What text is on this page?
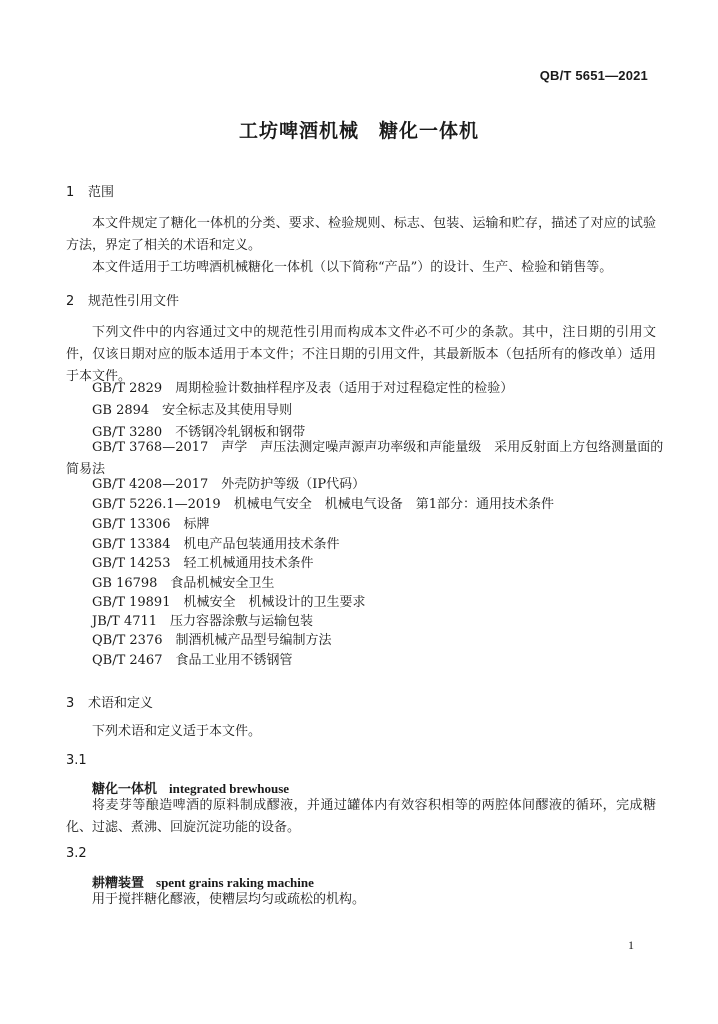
QB/T 5651—2021
工坊啤酒机械　糖化一体机
1 范围
本文件规定了糖化一体机的分类、要求、检验规则、标志、包装、运输和贮存，描述了对应的试验方法，界定了相关的术语和定义。
本文件适用于工坊啤酒机械糖化一体机（以下简称“产品”）的设计、生产、检验和销售等。
2 规范性引用文件
下列文件中的内容通过文中的规范性引用而构成本文件必不可少的条款。其中，注日期的引用文件，仅该日期对应的版本适用于本文件；不注日期的引用文件，其最新版本（包括所有的修改单）适用于本文件。
GB/T 2829　周期检验计数抽样程序及表（适用于对过程稳定性的检验）
GB 2894　安全标志及其使用导则
GB/T 3280　不锈钢冷轧钢板和钢带
GB/T 3768—2017　声学　声压法测定噪声源声功率级和声能量级　采用反射面上方包络测量面的
简易法
GB/T 4208—2017　外壳防护等级（IP代码）
GB/T 5226.1—2019　机械电气安全　机械电气设备　第1部分：通用技术条件
GB/T 13306　标牌
GB/T 13384　机电产品包装通用技术条件
GB/T 14253　轻工机械通用技术条件
GB 16798　食品机械安全卫生
GB/T 19891　机械安全　机械设计的卫生要求
JB/T 4711　压力容器涂敷与运输包装
QB/T 2376　制酒机械产品型号编制方法
QB/T 2467　食品工业用不锈钢管
3 术语和定义
下列术语和定义适于本文件。
3.1
糖化一体机 integrated brewhouse
将麦芽等酿造啤酒的原料制成醪液，并通过罐体内有效容积相等的两腔体间醪液的循环，完成糖化、过滤、煮沸、回旋沉淀功能的设备。
3.2
耕糟装置 spent grains raking machine
用于搅拌糖化醪液，使糟层均匀或疏松的机构。
1
